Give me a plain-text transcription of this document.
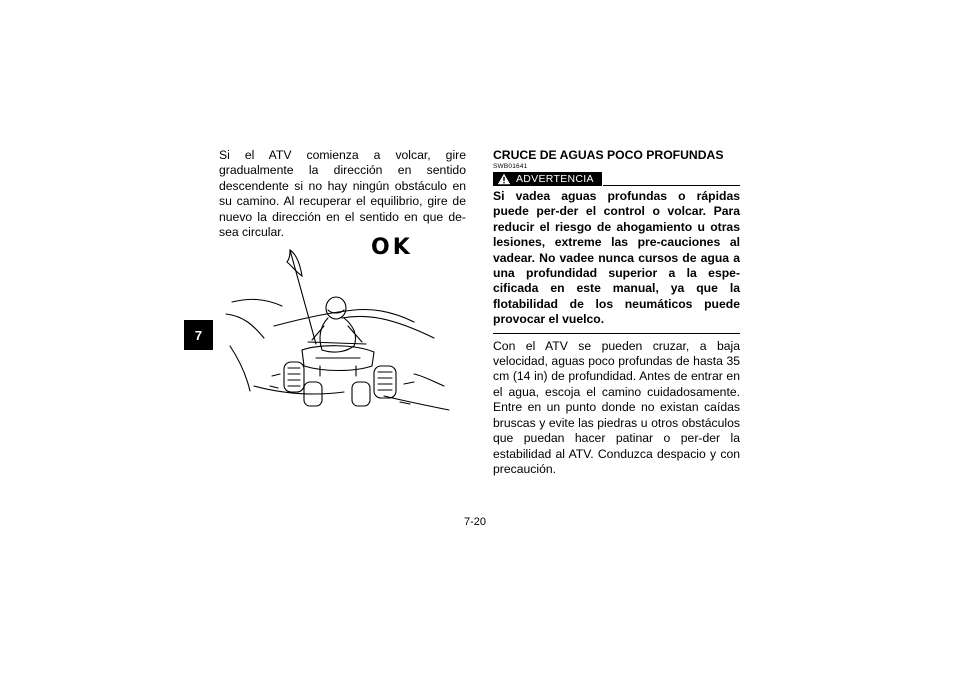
7

Si el ATV comienza a volcar, gire gradualmente la dirección en sentido descendente si no hay ningún obstáculo en su camino. Al recuperar el equilibrio, gire de nuevo la dirección en el sentido en que de-sea circular.

OK

CRUCE DE AGUAS POCO PROFUNDAS

SWB01641

ADVERTENCIA

Si vadea aguas profundas o rápidas puede per-der el control o volcar. Para reducir el riesgo de ahogamiento u otras lesiones, extreme las pre-cauciones al vadear. No vadee nunca cursos de agua a una profundidad superior a la espe-cificada en este manual, ya que la flotabilidad de los neumáticos puede provocar el vuelco.

Con el ATV se pueden cruzar, a baja velocidad, aguas poco profundas de hasta 35 cm (14 in) de profundidad. Antes de entrar en el agua, escoja el camino cuidadosamente. Entre en un punto donde no existan caídas bruscas y evite las piedras u otros obstáculos que puedan hacer patinar o per-der la estabilidad al ATV. Conduzca despacio y con precaución.

7-20
